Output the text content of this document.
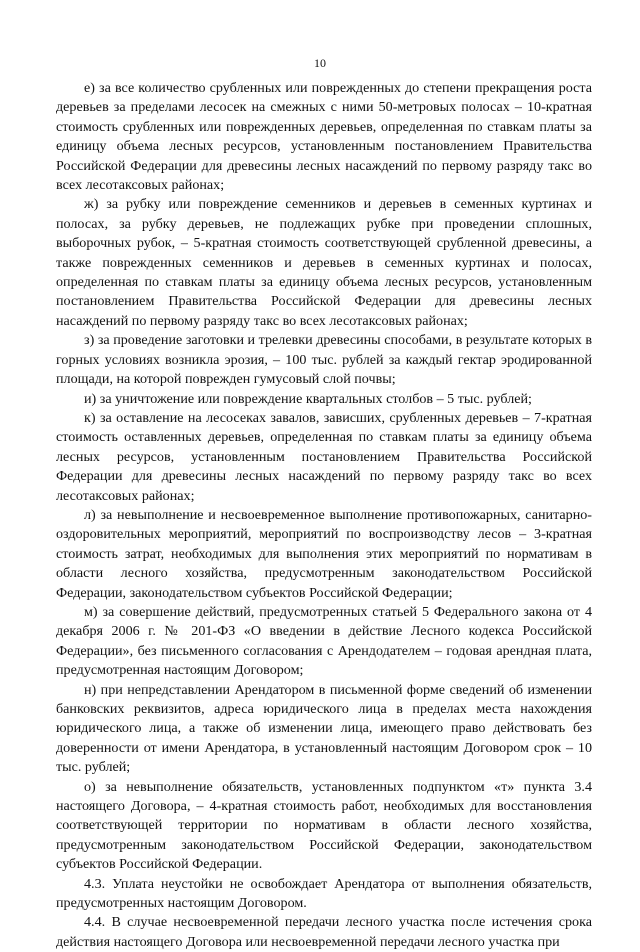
10

е) за все количество срубленных или поврежденных до степени прекращения роста деревьев за пределами лесосек на смежных с ними 50-метровых полосах – 10-кратная стоимость срубленных или поврежденных деревьев, определенная по ставкам платы за единицу объема лесных ресурсов, установленным постановлением Правительства Российской Федерации для древесины лесных насаждений по первому разряду такс во всех лесотаксовых районах;

ж) за рубку или повреждение семенников и деревьев в семенных куртинах и полосах, за рубку деревьев, не подлежащих рубке при проведении сплошных, выборочных рубок, – 5-кратная стоимость соответствующей срубленной древесины, а также поврежденных семенников и деревьев в семенных куртинах и полосах, определенная по ставкам платы за единицу объема лесных ресурсов, установленным постановлением Правительства Российской Федерации для древесины лесных насаждений по первому разряду такс во всех лесотаксовых районах;

з) за проведение заготовки и трелевки древесины способами, в результате которых в горных условиях возникла эрозия, – 100 тыс. рублей за каждый гектар эродированной площади, на которой поврежден гумусовый слой почвы;

и) за уничтожение или повреждение квартальных столбов – 5 тыс. рублей;

к) за оставление на лесосеках завалов, зависших, срубленных деревьев – 7-кратная стоимость оставленных деревьев, определенная по ставкам платы за единицу объема лесных ресурсов, установленным постановлением Правительства Российской Федерации для древесины лесных насаждений по первому разряду такс во всех лесотаксовых районах;

л) за невыполнение и несвоевременное выполнение противопожарных, санитарно-оздоровительных мероприятий, мероприятий по воспроизводству лесов – 3-кратная стоимость затрат, необходимых для выполнения этих мероприятий по нормативам в области лесного хозяйства, предусмотренным законодательством Российской Федерации, законодательством субъектов Российской Федерации;

м) за совершение действий, предусмотренных статьей 5 Федерального закона от 4 декабря 2006 г. № 201-ФЗ «О введении в действие Лесного кодекса Российской Федерации», без письменного согласования с Арендодателем – годовая арендная плата, предусмотренная настоящим Договором;

н) при непредставлении Арендатором в письменной форме сведений об изменении банковских реквизитов, адреса юридического лица в пределах места нахождения юридического лица, а также об изменении лица, имеющего право действовать без доверенности от имени Арендатора, в установленный настоящим Договором срок – 10 тыс. рублей;

о) за невыполнение обязательств, установленных подпунктом «т» пункта 3.4 настоящего Договора, – 4-кратная стоимость работ, необходимых для восстановления соответствующей территории по нормативам в области лесного хозяйства, предусмотренным законодательством Российской Федерации, законодательством субъектов Российской Федерации.

4.3. Уплата неустойки не освобождает Арендатора от выполнения обязательств, предусмотренных настоящим Договором.

4.4. В случае несвоевременной передачи лесного участка после истечения срока действия настоящего Договора или несвоевременной передачи лесного участка при
